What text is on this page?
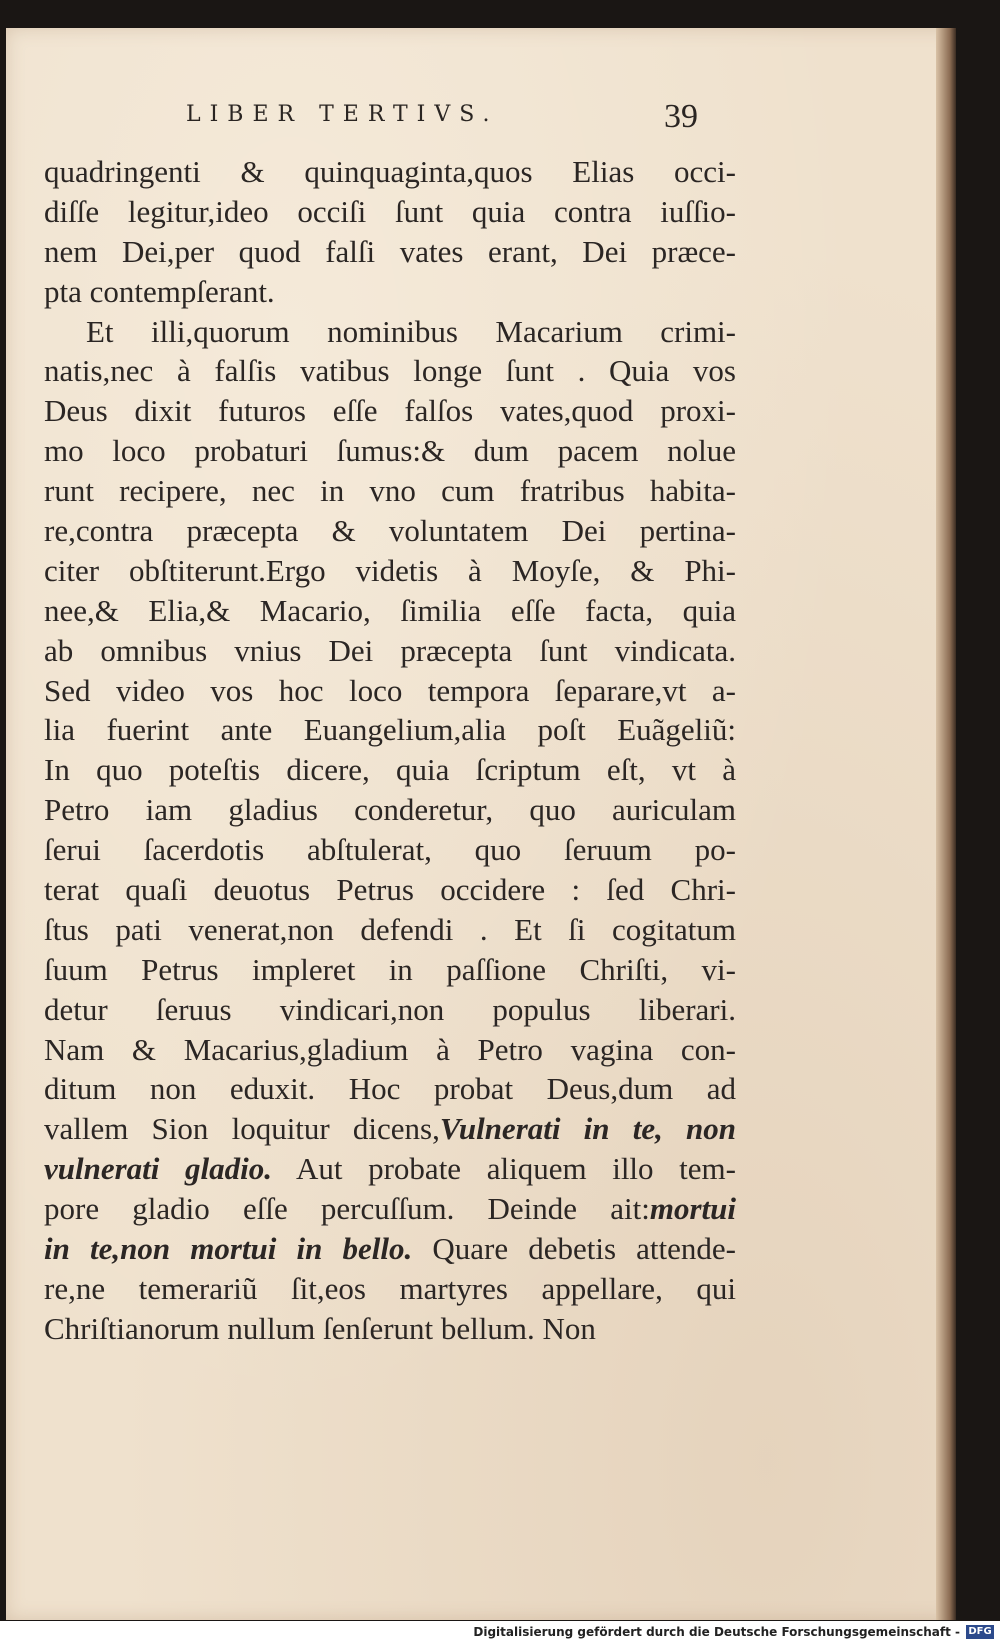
LIBER TERTIVS.	39
quadringenti & quinquaginta,quos Elias occi-
diſſe legitur,ideo occiſi ſunt quia contra iuſſio-
nem Dei,per quod falſi vates erant, Dei præce-
pta contempſerant.
Et illi,quorum nominibus Macarium crimi-
natis,nec à falſis vatibus longe ſunt . Quia vos
Deus dixit futuros eſſe falſos vates,quod proxi-
mo loco probaturi ſumus:& dum pacem nolue
runt recipere, nec in vno cum fratribus habita-
re,contra præcepta & voluntatem Dei pertina-
citer obſtiterunt.Ergo videtis à Moyſe, & Phi-
nee,& Elia,& Macario, ſimilia eſſe facta, quia
ab omnibus vnius Dei præcepta ſunt vindicata.
Sed video vos hoc loco tempora ſeparare,vt a-
lia fuerint ante Euangelium,alia poſt Euãgeliũ:
In quo poteſtis dicere, quia ſcriptum eſt, vt à
Petro iam gladius conderetur, quo auriculam
ſerui ſacerdotis abſtulerat, quo ſeruum po-
terat quaſi deuotus Petrus occidere : ſed Chri-
ſtus pati venerat,non defendi . Et ſi cogitatum
ſuum Petrus impleret in paſſione Chriſti, vi-
detur ſeruus vindicari,non populus liberari.
Nam & Macarius,gladium à Petro vagina con-
ditum non eduxit. Hoc probat Deus,dum ad
vallem Sion loquitur dicens,Vulnerati in te, non
vulnerati gladio. Aut probate aliquem illo tem-
pore gladio eſſe percuſſum. Deinde ait:mortui
in te,non mortui in bello. Quare debetis attende-
re,ne temerariũ ſit,eos martyres appellare, qui
Chriſtianorum nullum ſenſerunt bellum. Non
Digitalisierung gefördert durch die Deutsche Forschungsgemeinschaft - DFG
